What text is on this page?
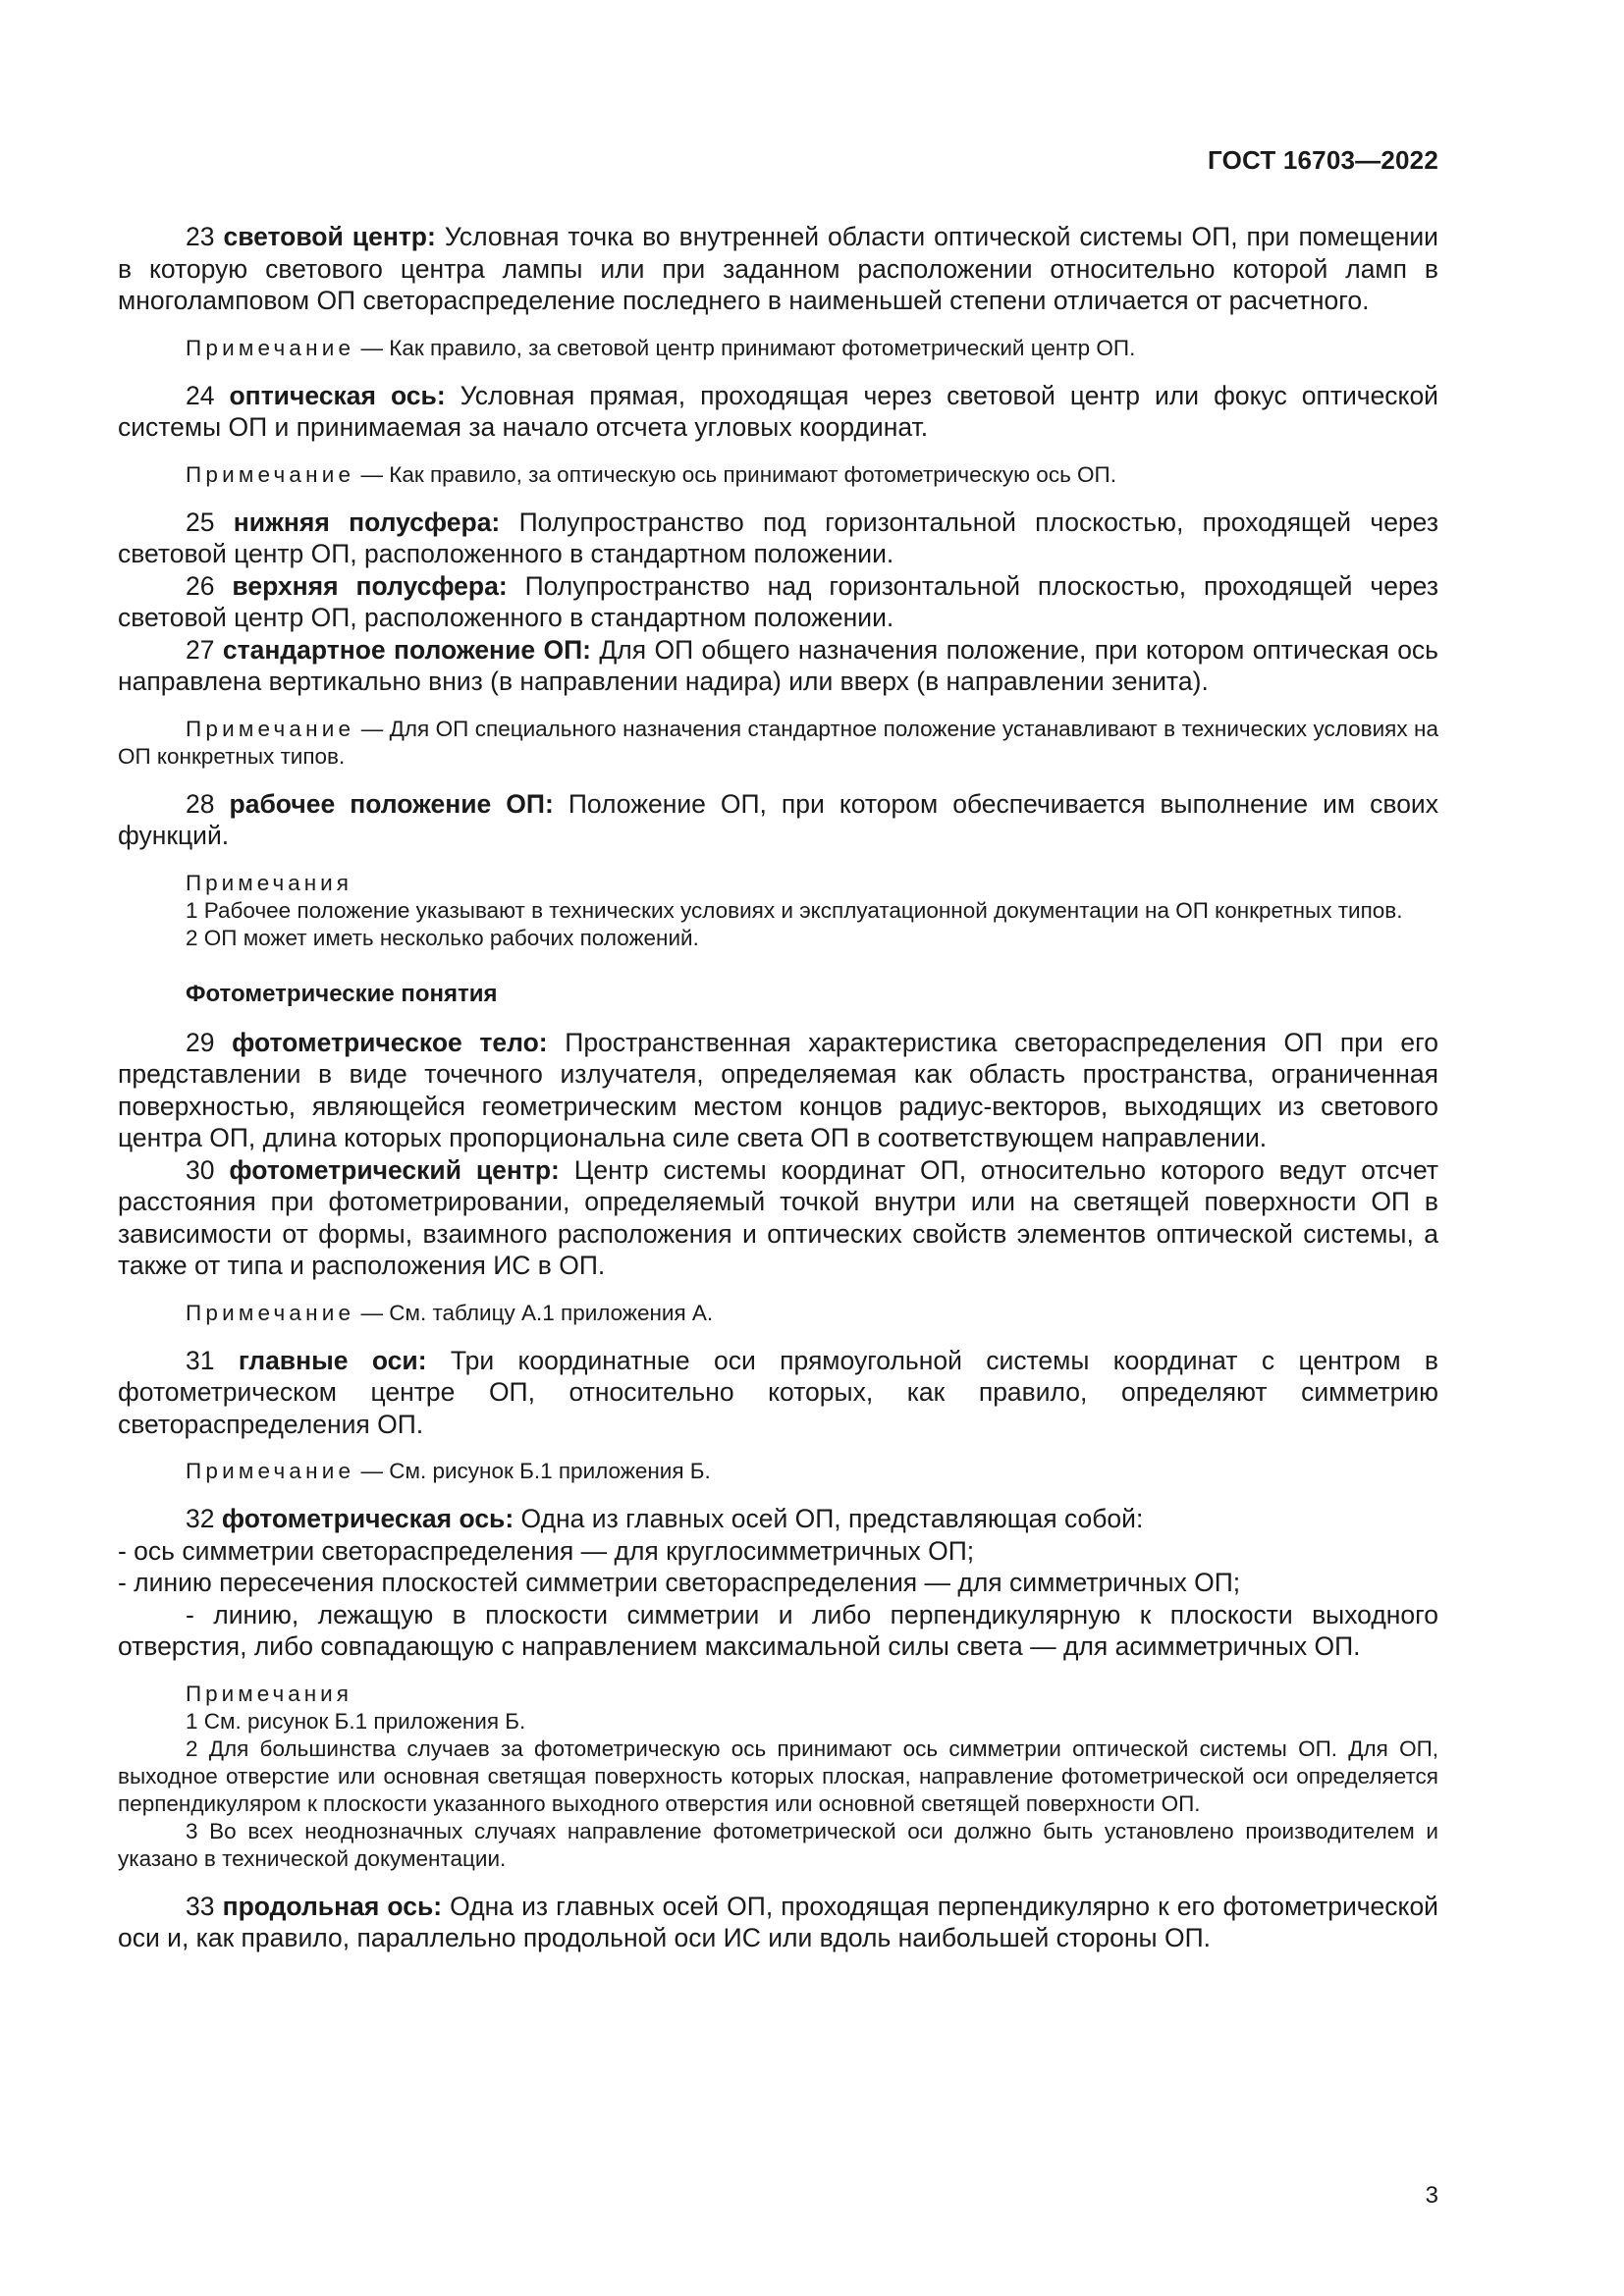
ГОСТ 16703—2022

23 световой центр: Условная точка во внутренней области оптической системы ОП, при помещении в которую светового центра лампы или при заданном расположении относительно которой ламп в многоламповом ОП светораспределение последнего в наименьшей степени отличается от расчетного.

Примечание — Как правило, за световой центр принимают фотометрический центр ОП.

24 оптическая ось: Условная прямая, проходящая через световой центр или фокус оптической системы ОП и принимаемая за начало отсчета угловых координат.

Примечание — Как правило, за оптическую ось принимают фотометрическую ось ОП.

25 нижняя полусфера: Полупространство под горизонтальной плоскостью, проходящей через световой центр ОП, расположенного в стандартном положении.

26 верхняя полусфера: Полупространство над горизонтальной плоскостью, проходящей через световой центр ОП, расположенного в стандартном положении.

27 стандартное положение ОП: Для ОП общего назначения положение, при котором оптическая ось направлена вертикально вниз (в направлении надира) или вверх (в направлении зенита).

Примечание — Для ОП специального назначения стандартное положение устанавливают в технических условиях на ОП конкретных типов.

28 рабочее положение ОП: Положение ОП, при котором обеспечивается выполнение им своих функций.

Примечания

1 Рабочее положение указывают в технических условиях и эксплуатационной документации на ОП конкретных типов.

2 ОП может иметь несколько рабочих положений.

Фотометрические понятия

29 фотометрическое тело: Пространственная характеристика светораспределения ОП при его представлении в виде точечного излучателя, определяемая как область пространства, ограниченная поверхностью, являющейся геометрическим местом концов радиус-векторов, выходящих из светового центра ОП, длина которых пропорциональна силе света ОП в соответствующем направлении.

30 фотометрический центр: Центр системы координат ОП, относительно которого ведут отсчет расстояния при фотометрировании, определяемый точкой внутри или на светящей поверхности ОП в зависимости от формы, взаимного расположения и оптических свойств элементов оптической системы, а также от типа и расположения ИС в ОП.

Примечание — См. таблицу А.1 приложения А.

31 главные оси: Три координатные оси прямоугольной системы координат с центром в фотометрическом центре ОП, относительно которых, как правило, определяют симметрию светораспределения ОП.

Примечание — См. рисунок Б.1 приложения Б.

32 фотометрическая ось: Одна из главных осей ОП, представляющая собой:

- ось симметрии светораспределения — для круглосимметричных ОП;

- линию пересечения плоскостей симметрии светораспределения — для симметричных ОП;

- линию, лежащую в плоскости симметрии и либо перпендикулярную к плоскости выходного отверстия, либо совпадающую с направлением максимальной силы света — для асимметричных ОП.

Примечания

1 См. рисунок Б.1 приложения Б.

2 Для большинства случаев за фотометрическую ось принимают ось симметрии оптической системы ОП. Для ОП, выходное отверстие или основная светящая поверхность которых плоская, направление фотометрической оси определяется перпендикуляром к плоскости указанного выходного отверстия или основной светящей поверхности ОП.

3 Во всех неоднозначных случаях направление фотометрической оси должно быть установлено производителем и указано в технической документации.

33 продольная ось: Одна из главных осей ОП, проходящая перпендикулярно к его фотометрической оси и, как правило, параллельно продольной оси ИС или вдоль наибольшей стороны ОП.

3
